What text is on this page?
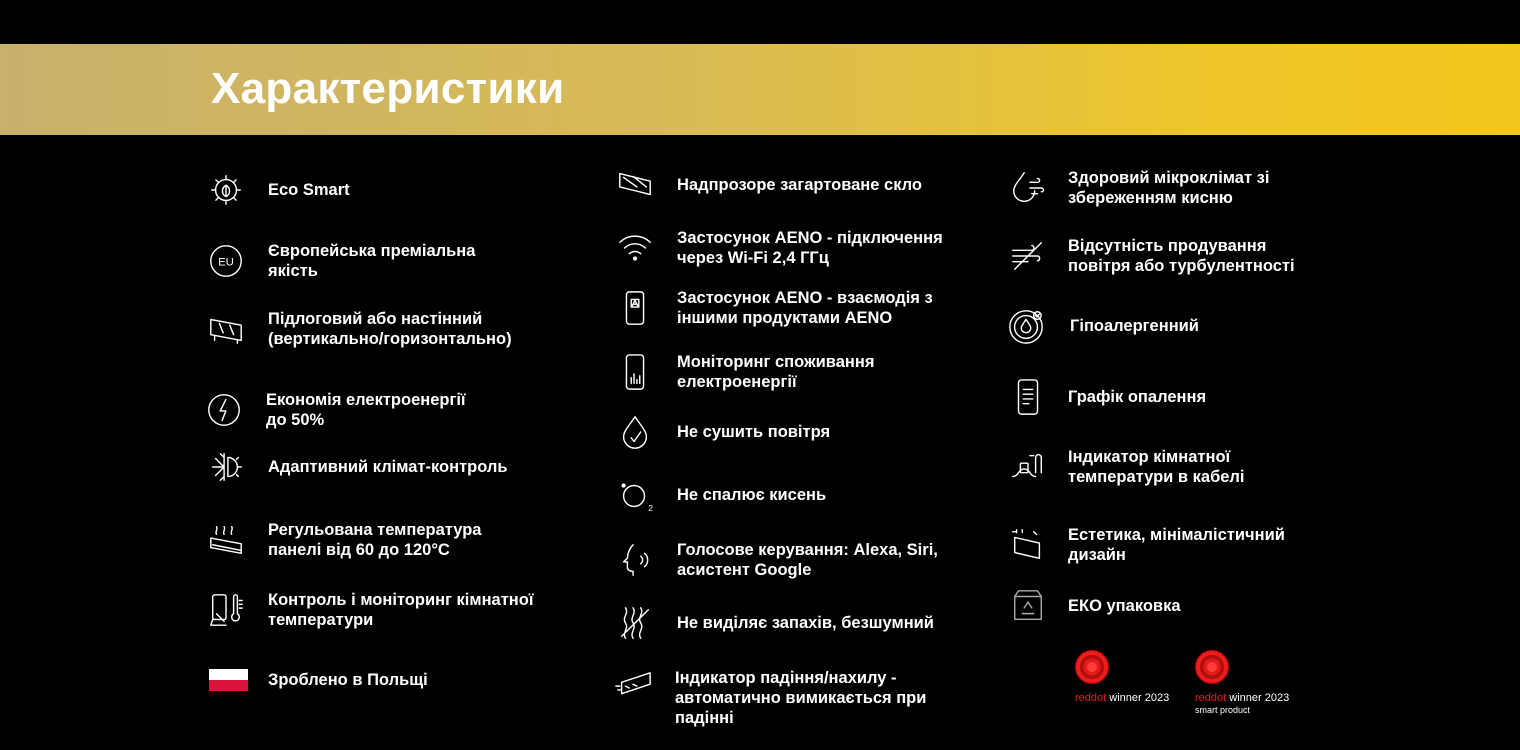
Характеристики
Eco Smart
EU
Європейська преміальна
якість
Підлоговий або настінний
(вертикально/горизонтально)
Економія електроенергії
до 50%
Адаптивний клімат-контроль
Регульована температура
панелі від 60 до 120°C
Контроль і моніторинг кімнатної
температури
Зроблено в Польщі
Надпрозоре загартоване скло
Застосунок AENO - підключення
через Wi-Fi 2,4 ГГц
Застосунок AENO - взаємодія з
іншими продуктами AENO
Моніторинг споживання
електроенергії
Не сушить повітря
2
Не спалює кисень
Голосове керування: Alexa, Siri,
асистент Google
Не виділяє запахів, безшумний
Індикатор падіння/нахилу -
автоматично вимикається при
падінні
Здоровий мікроклімат зі
збереженням кисню
Відсутність продування
повітря або турбулентності
Гіпоалергенний
Графік опалення
Індикатор кімнатної
температури в кабелі
Естетика, мінімалістичний
дизайн
ЕКО упаковка
reddot winner 2023 reddot winner 2023
smart product
